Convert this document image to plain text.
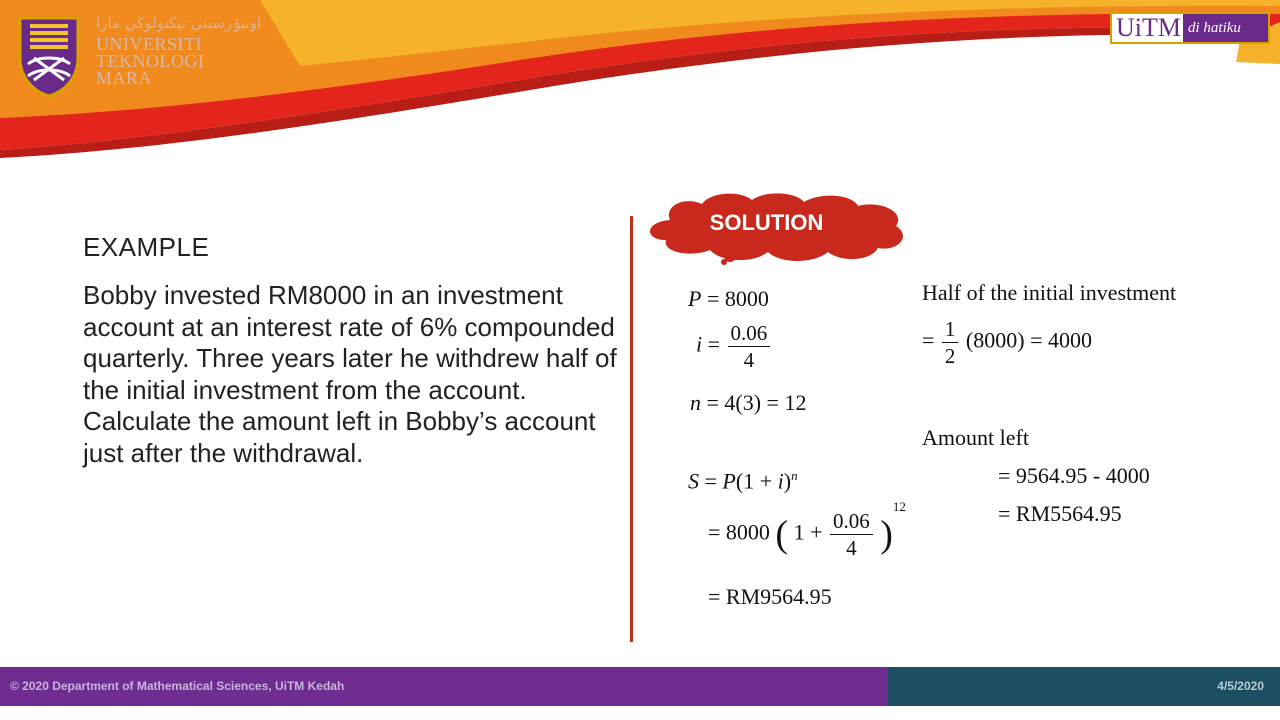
اونيۏرسيتي تيكنولوڬي مارا
UNIVERSITI
TEKNOLOGI
MARA
UiTM di hatiku
EXAMPLE
Bobby invested RM8000 in an investment account at an interest rate of 6% compounded quarterly. Three years later he withdrew half of the initial investment from the account. Calculate the amount left in Bobby’s account just after the withdrawal.
SOLUTION
P = 8000
$i = \frac{0.06}{4}$
n = 4(3) = 12
$S = P(1 + i)^n$
= 8000 ( $1 + \frac{0.06}{4} )^{12}$
= RM9564.95
Half of the initial investment
= $\frac{1}{2} (8000) = 4000$
Amount left
= 9564.95 - 4000
= RM5564.95
© 2020 Department of Mathematical Sciences, UiTM Kedah	4/5/2020
